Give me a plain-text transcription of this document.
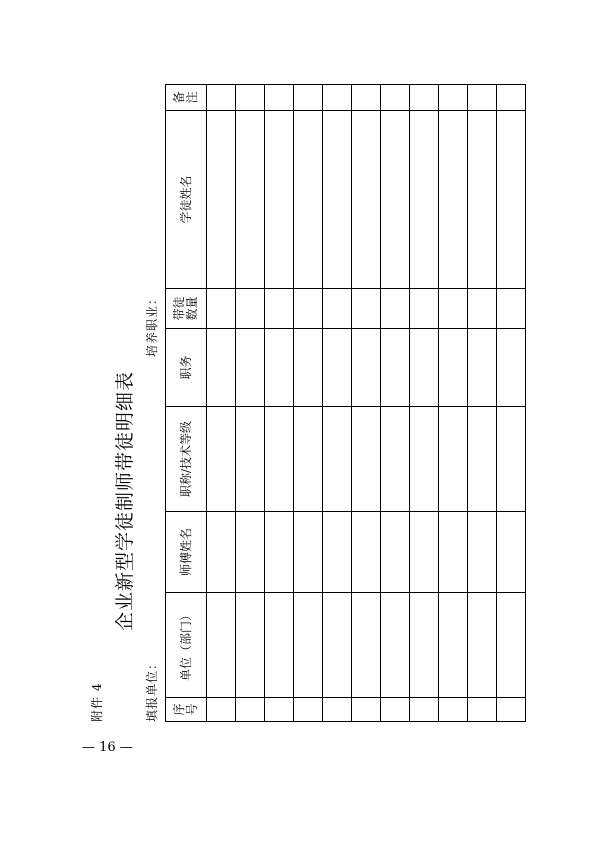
附件 4
企业新型学徒制师带徒明细表
填报单位：
培养职业：
序号	单位（部门）	师傅姓名	职称/技术等级	职务	带徒数量	学徒姓名	备注

— 16 —
